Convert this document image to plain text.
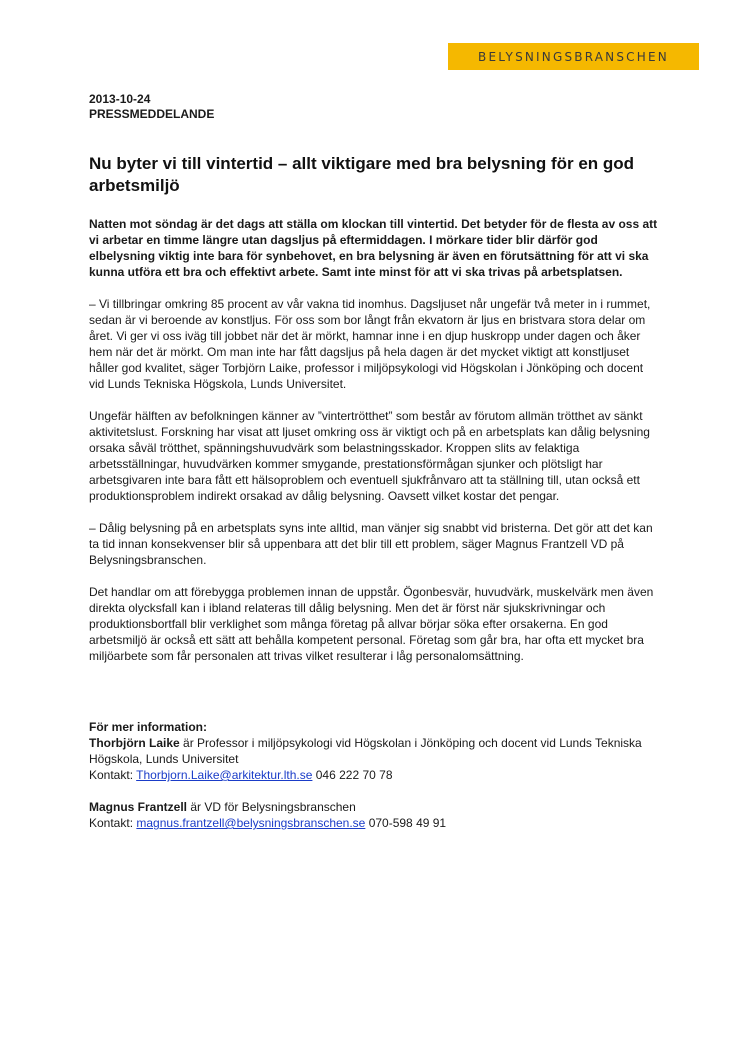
BELYSNINGSBRANSCHEN

2013-10-24

PRESSMEDDELANDE

Nu byter vi till vintertid – allt viktigare med bra belysning för en god arbetsmiljö

Natten mot söndag är det dags att ställa om klockan till vintertid. Det betyder för de flesta av oss att vi arbetar en timme längre utan dagsljus på eftermiddagen. I mörkare tider blir därför god elbelysning viktig inte bara för synbehovet, en bra belysning är även en förutsättning för att vi ska kunna utföra ett bra och effektivt arbete. Samt inte minst för att vi ska trivas på arbetsplatsen.

– Vi tillbringar omkring 85 procent av vår vakna tid inomhus. Dagsljuset når ungefär två meter in i rummet, sedan är vi beroende av konstljus. För oss som bor långt från ekvatorn är ljus en bristvara stora delar om året. Vi ger vi oss iväg till jobbet när det är mörkt, hamnar inne i en djup huskropp under dagen och åker hem när det är mörkt. Om man inte har fått dagsljus på hela dagen är det mycket viktigt att konstljuset håller god kvalitet, säger Torbjörn Laike, professor i miljöpsykologi vid Högskolan i Jönköping och docent vid Lunds Tekniska Högskola, Lunds Universitet.

Ungefär hälften av befolkningen känner av ”vintertrötthet” som består av förutom allmän trötthet av sänkt aktivitetslust. Forskning har visat att ljuset omkring oss är viktigt och på en arbetsplats kan dålig belysning orsaka såväl trötthet, spänningshuvudvärk som belastningsskador. Kroppen slits av felaktiga arbetsställningar, huvudvärken kommer smygande, prestationsförmågan sjunker och plötsligt har arbetsgivaren inte bara fått ett hälsoproblem och eventuell sjukfrånvaro att ta ställning till, utan också ett produktionsproblem indirekt orsakad av dålig belysning. Oavsett vilket kostar det pengar.

– Dålig belysning på en arbetsplats syns inte alltid, man vänjer sig snabbt vid bristerna. Det gör att det kan ta tid innan konsekvenser blir så uppenbara att det blir till ett problem, säger Magnus Frantzell VD på Belysningsbranschen.

Det handlar om att förebygga problemen innan de uppstår. Ögonbesvär, huvudvärk, muskelvärk men även direkta olycksfall kan i ibland relateras till dålig belysning. Men det är först när sjukskrivningar och produktionsbortfall blir verklighet som många företag på allvar börjar söka efter orsakerna. En god arbetsmiljö är också ett sätt att behålla kompetent personal. Företag som går bra, har ofta ett mycket bra miljöarbete som får personalen att trivas vilket resulterar i låg personalomsättning.

För mer information:

Thorbjörn Laike är Professor i miljöpsykologi vid Högskolan i Jönköping och docent vid Lunds Tekniska Högskola, Lunds Universitet

Kontakt: Thorbjorn.Laike@arkitektur.lth.se 046 222 70 78

Magnus Frantzell är VD för Belysningsbranschen

Kontakt: magnus.frantzell@belysningsbranschen.se 070-598 49 91
